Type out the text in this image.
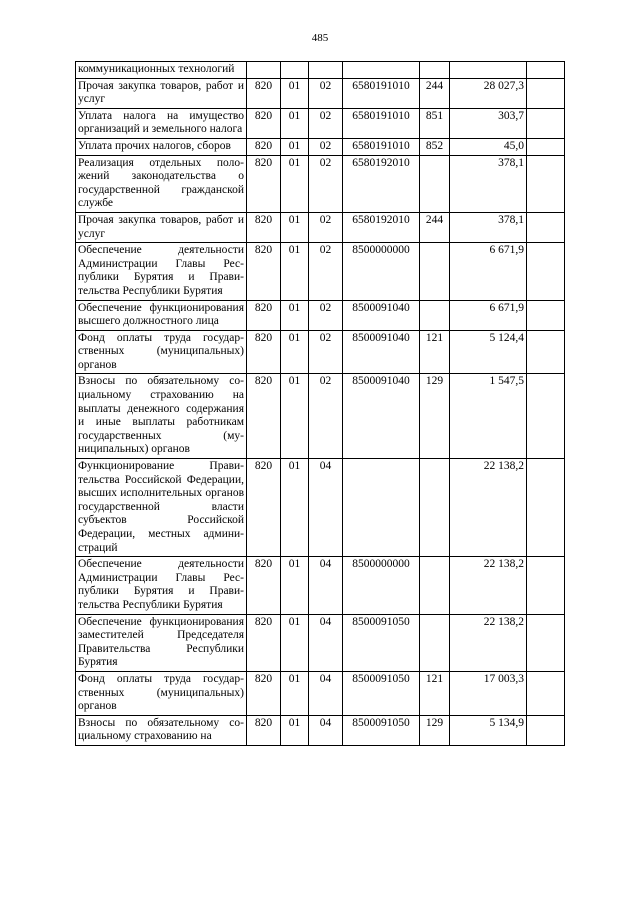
485
коммуникационных технологий							
Прочая закупка товаров, работ и услуг	820	01	02	6580191010	244	28 027,3	
Уплата налога на имущество организаций и земельного налога	820	01	02	6580191010	851	303,7	
Уплата прочих налогов, сборов	820	01	02	6580191010	852	45,0	
Реализация отдельных положений законодательства о государственной гражданской службе	820	01	02	6580192010		378,1	
Прочая закупка товаров, работ и услуг	820	01	02	6580192010	244	378,1	
Обеспечение деятельности Администрации Главы Республики Бурятия и Правительства Республики Бурятия	820	01	02	8500000000		6 671,9	
Обеспечение функционирования высшего должностного лица	820	01	02	8500091040		6 671,9	
Фонд оплаты труда государственных (муниципальных) органов	820	01	02	8500091040	121	5 124,4	
Взносы по обязательному социальному страхованию на выплаты денежного содержания и иные выплаты работникам государственных (муниципальных) органов	820	01	02	8500091040	129	1 547,5	
Функционирование Правительства Российской Федерации, высших исполнительных органов государственной власти субъектов Российской Федерации, местных администраций	820	01	04			22 138,2	
Обеспечение деятельности Администрации Главы Республики Бурятия и Правительства Республики Бурятия	820	01	04	8500000000		22 138,2	
Обеспечение функционирования заместителей Председателя Правительства Республики Бурятия	820	01	04	8500091050		22 138,2	
Фонд оплаты труда государственных (муниципальных) органов	820	01	04	8500091050	121	17 003,3	
Взносы по обязательному социальному страхованию на	820	01	04	8500091050	129	5 134,9	
